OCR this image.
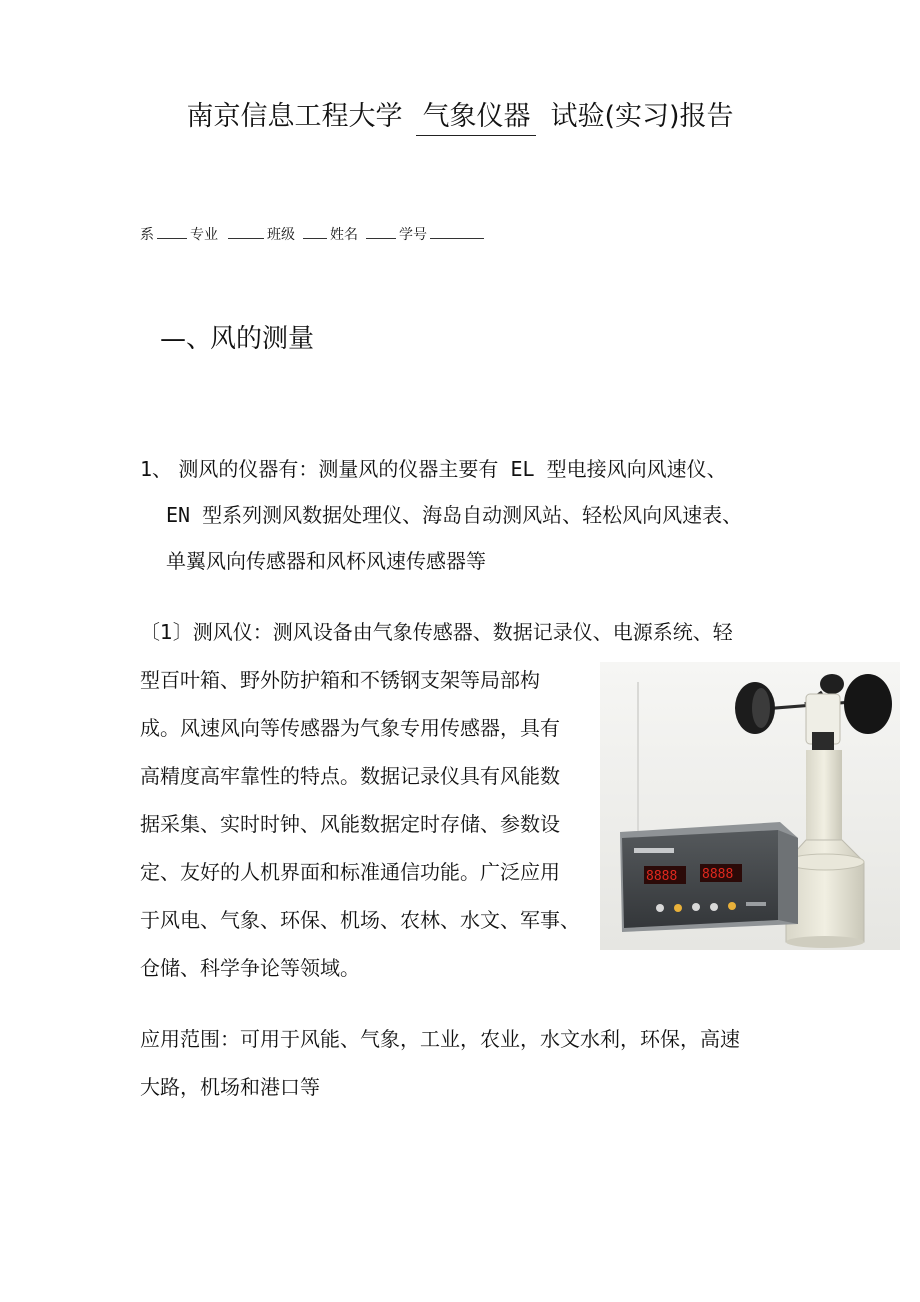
南京信息工程大学 气象仪器 试验(实习)报告
系	专业	班级	姓名	学号
—、风的测量
1、 测风的仪器有：测量风的仪器主要有 EL 型电接风向风速仪、
EN 型系列测风数据处理仪、海岛自动测风站、轻松风向风速表、
单翼风向传感器和风杯风速传感器等
〔1〕测风仪：测风设备由气象传感器、数据记录仪、电源系统、轻
型百叶箱、野外防护箱和不锈钢支架等局部构
成。风速风向等传感器为气象专用传感器，具有
高精度高牢靠性的特点。数据记录仪具有风能数
据采集、实时时钟、风能数据定时存储、参数设
定、友好的人机界面和标准通信功能。广泛应用
于风电、气象、环保、机场、农林、水文、军事、
仓储、科学争论等领域。
8888 8888
应用范围：可用于风能、气象，工业，农业，水文水利，环保，高速
大路，机场和港口等
